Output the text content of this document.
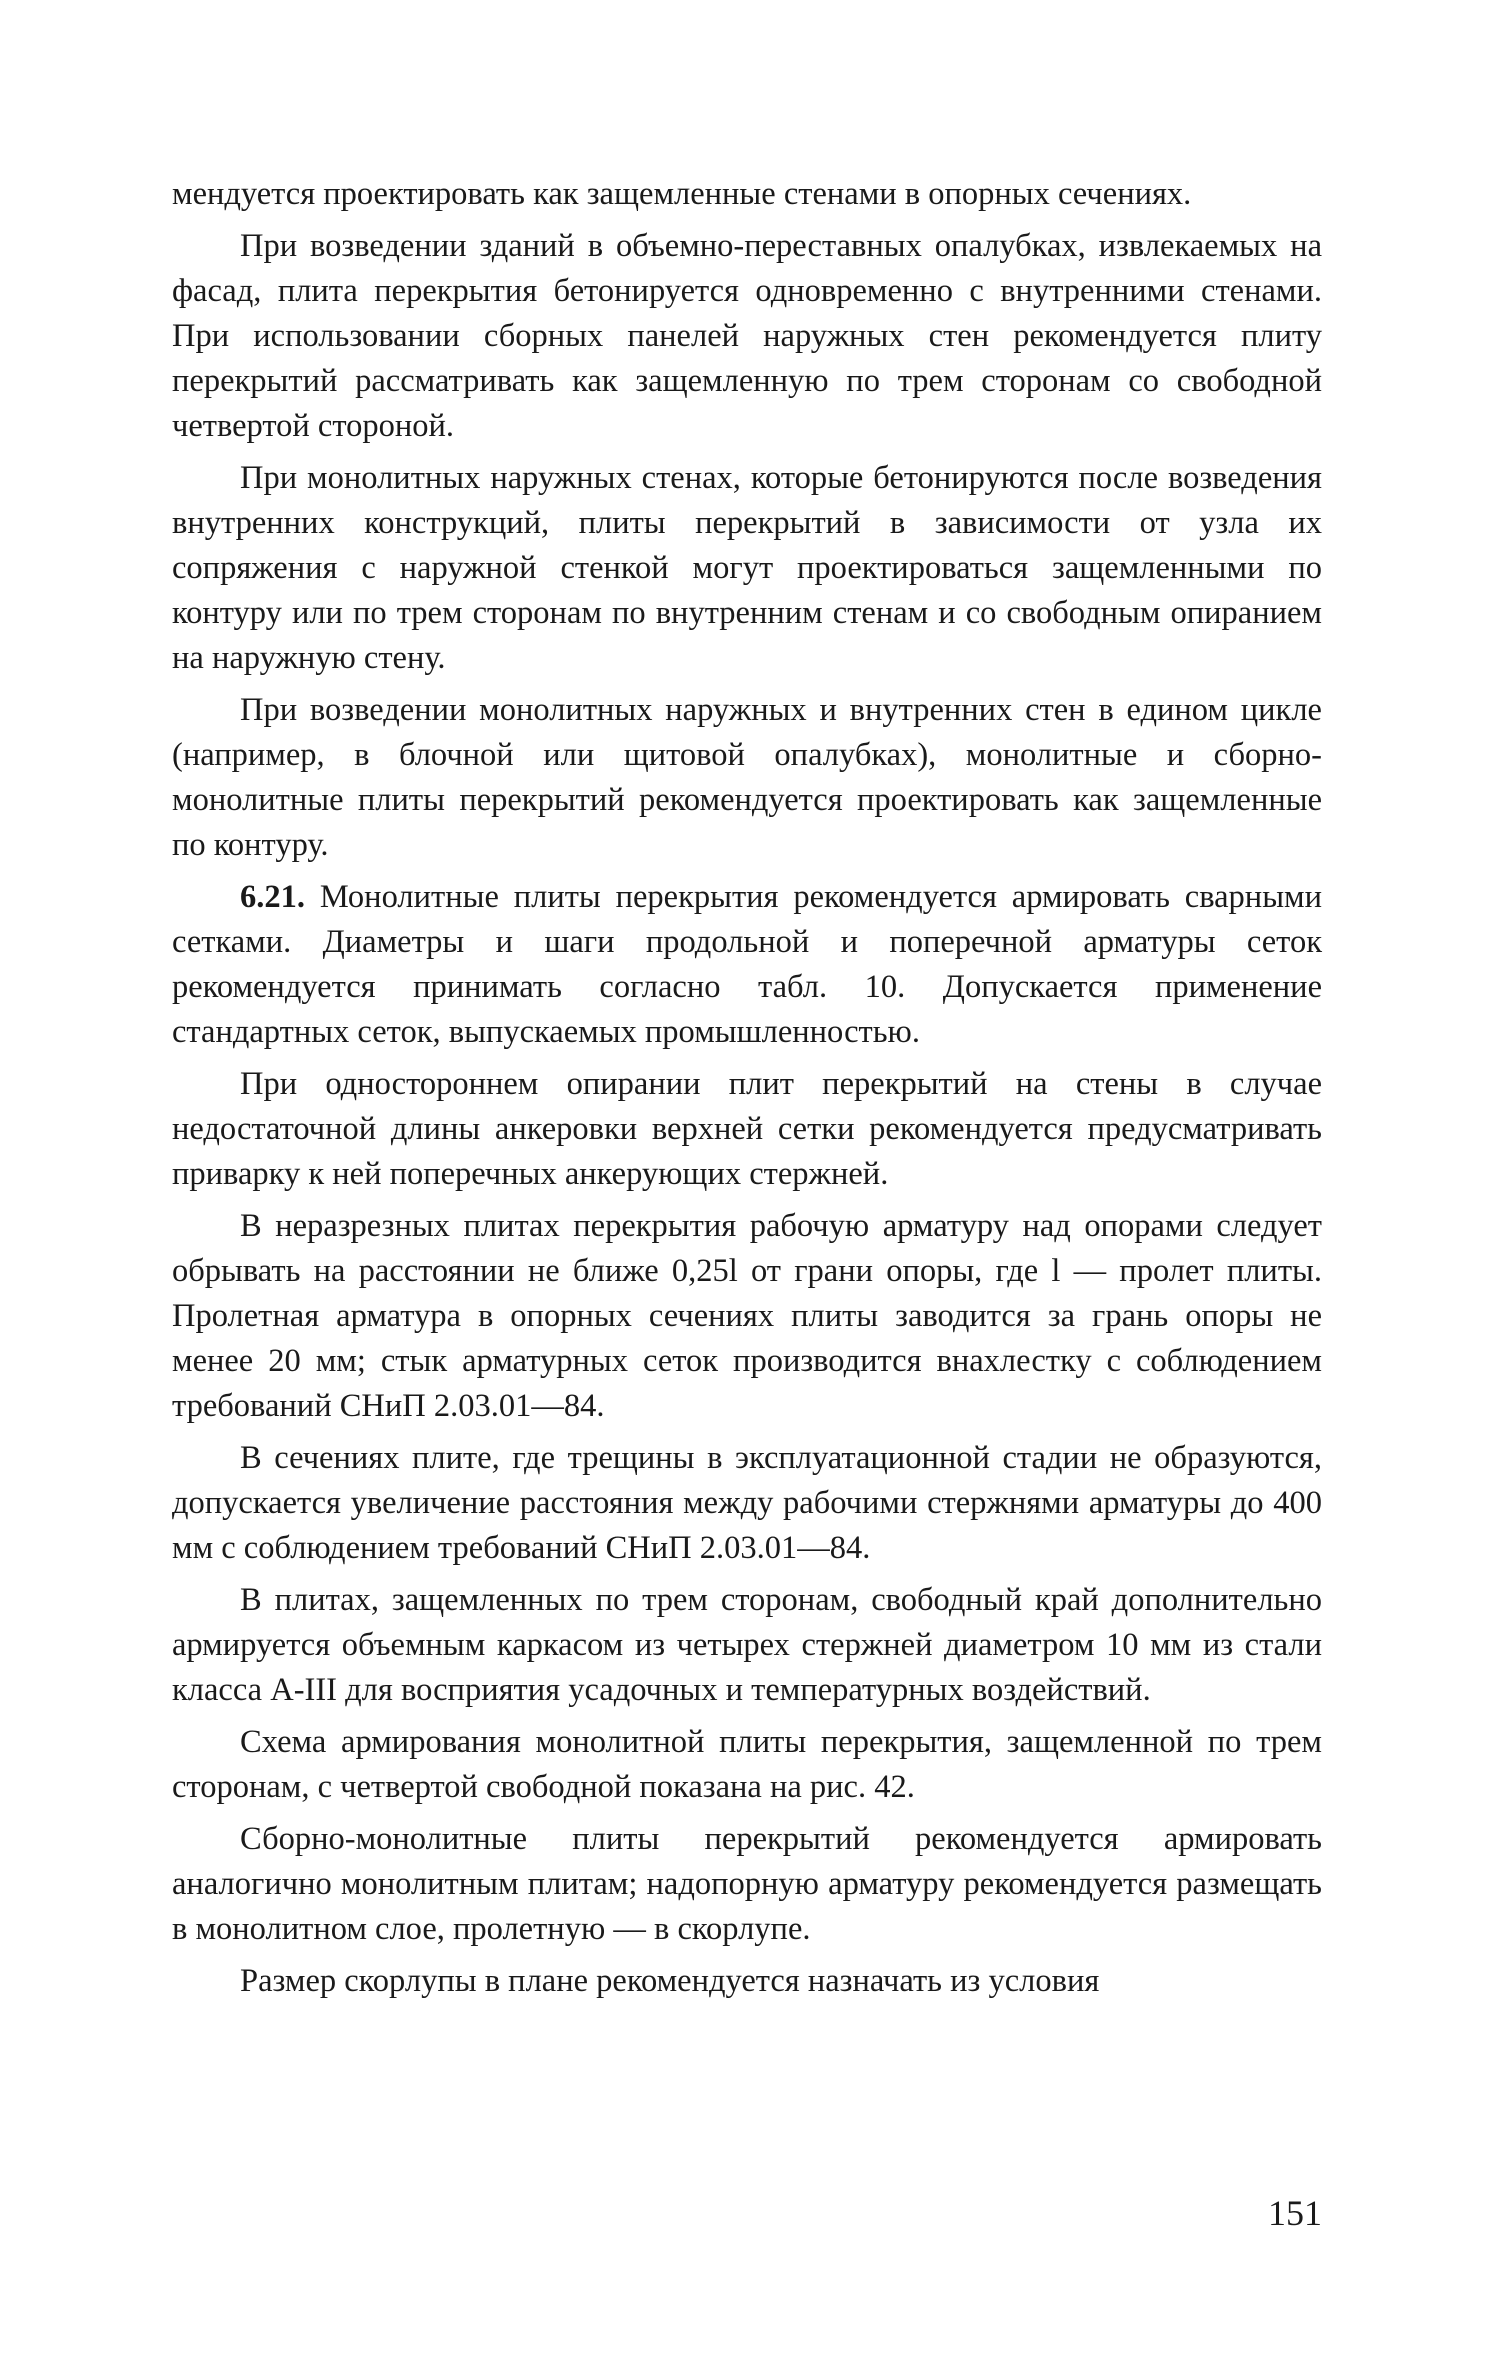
мендуется проектировать как защемленные стенами в опорных сечениях.

При возведении зданий в объемно-переставных опалубках, извлекаемых на фасад, плита перекрытия бетонируется одновременно с внутренними стенами. При использовании сборных панелей наружных стен рекомендуется плиту перекрытий рассматривать как защемленную по трем сторонам со свободной четвертой стороной.

При монолитных наружных стенах, которые бетонируются после возведения внутренних конструкций, плиты перекрытий в зависимости от узла их сопряжения с наружной стенкой могут проектироваться защемленными по контуру или по трем сторонам по внутренним стенам и со свободным опиранием на наружную стену.

При возведении монолитных наружных и внутренних стен в едином цикле (например, в блочной или щитовой опалубках), монолитные и сборно-монолитные плиты перекрытий рекомендуется проектировать как защемленные по контуру.

6.21. Монолитные плиты перекрытия рекомендуется армировать сварными сетками. Диаметры и шаги продольной и поперечной арматуры сеток рекомендуется принимать согласно табл. 10. Допускается применение стандартных сеток, выпускаемых промышленностью.

При одностороннем опирании плит перекрытий на стены в случае недостаточной длины анкеровки верхней сетки рекомендуется предусматривать приварку к ней поперечных анкерующих стержней.

В неразрезных плитах перекрытия рабочую арматуру над опорами следует обрывать на расстоянии не ближе 0,25l от грани опоры, где l — пролет плиты. Пролетная арматура в опорных сечениях плиты заводится за грань опоры не менее 20 мм; стык арматурных сеток производится внахлестку с соблюдением требований СНиП 2.03.01—84.

В сечениях плите, где трещины в эксплуатационной стадии не образуются, допускается увеличение расстояния между рабочими стержнями арматуры до 400 мм с соблюдением требований СНиП 2.03.01—84.

В плитах, защемленных по трем сторонам, свободный край дополнительно армируется объемным каркасом из четырех стержней диаметром 10 мм из стали класса А-III для восприятия усадочных и температурных воздействий.

Схема армирования монолитной плиты перекрытия, защемленной по трем сторонам, с четвертой свободной показана на рис. 42.

Сборно-монолитные плиты перекрытий рекомендуется армировать аналогично монолитным плитам; надопорную арматуру рекомендуется размещать в монолитном слое, пролетную — в скорлупе.

Размер скорлупы в плане рекомендуется назначать из условия

151
